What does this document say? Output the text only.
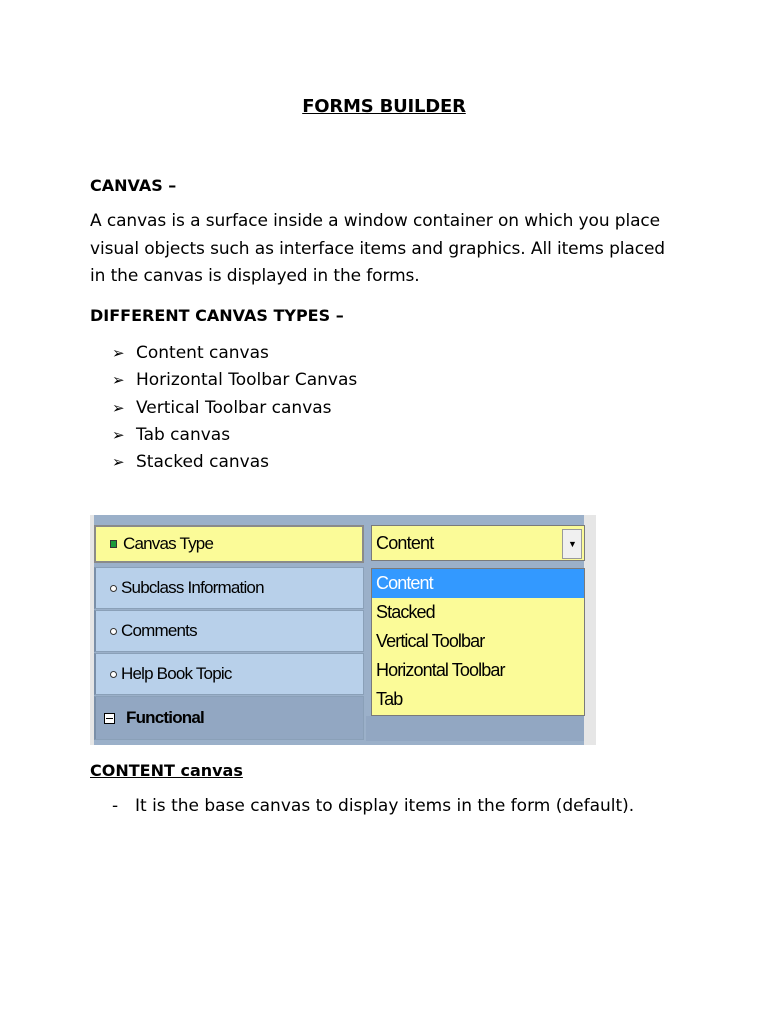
FORMS BUILDER
CANVAS –
A canvas is a surface inside a window container on which you place visual objects such as interface items and graphics. All items placed in the canvas is displayed in the forms.
DIFFERENT CANVAS TYPES –
➢ Content canvas
➢ Horizontal Toolbar Canvas
➢ Vertical Toolbar canvas
➢ Tab canvas
➢ Stacked canvas
Canvas Type
Subclass Information
Comments
Help Book Topic
Functional
Content	▼
Content
Stacked
Vertical Toolbar
Horizontal Toolbar
Tab
CONTENT canvas
- It is the base canvas to display items in the form (default).
